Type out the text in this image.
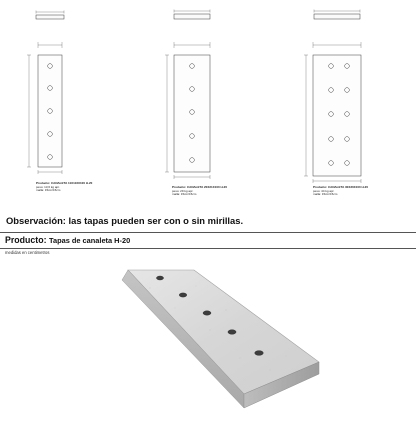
Producto: CANALETA 11X116X100 H-20
peso: 13,6 kg apr.
malla: 15cm/15cm
Producto: CANALETA 20X21X100 H-20
peso: 29 kg apr.
malla: 15cm/15cm
Producto: CANALETA 30X30X100 H-20
peso: 44 kg apr.
malla: 15cm/15cm
Observación: las tapas pueden ser con o sin mirillas.
Producto: Tapas de canaleta H-20
medidas en centimetros
